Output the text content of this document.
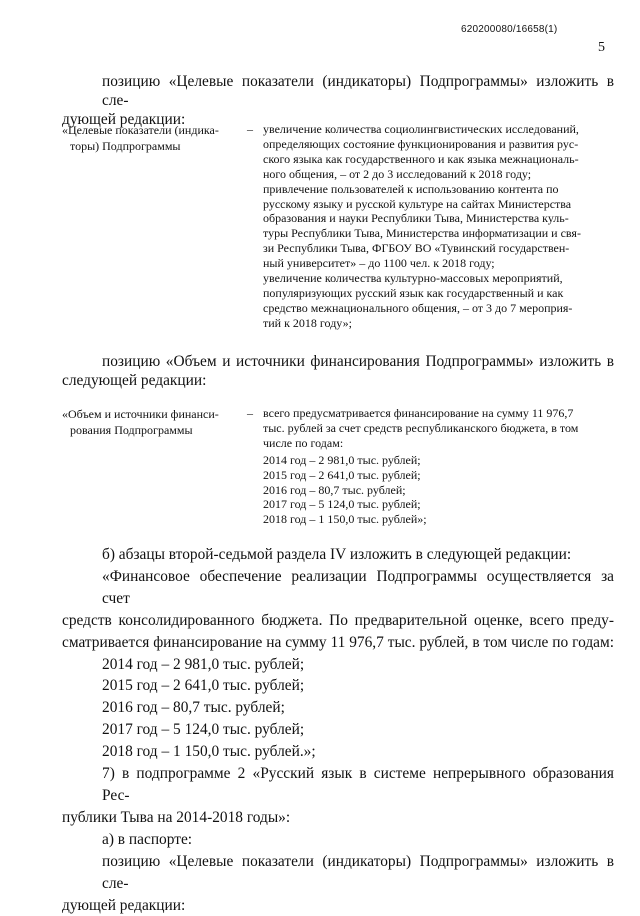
620200080/16658(1)
5
позицию «Целевые показатели (индикаторы) Подпрограммы» изложить в сле-
дующей редакции:
«Целевые показатели (индика-
торы) Подпрограммы
– увеличение количества социолингвистических исследований,
определяющих состояние функционирования и развития рус-
ского языка как государственного и как языка межнациональ-
ного общения, – от 2 до 3 исследований к 2018 году;
привлечение пользователей к использованию контента по
русскому языку и русской культуре на сайтах Министерства
образования и науки Республики Тыва, Министерства куль-
туры Республики Тыва, Министерства информатизации и свя-
зи Республики Тыва, ФГБОУ ВО «Тувинский государствен-
ный университет» – до 1100 чел. к 2018 году;
увеличение количества культурно-массовых мероприятий,
популяризующих русский язык как государственный и как
средство межнационального общения, – от 3 до 7 мероприя-
тий к 2018 году»;
позицию «Объем и источники финансирования Подпрограммы» изложить в
следующей редакции:
«Объем и источники финанси-
рования Подпрограммы
– всего предусматривается финансирование на сумму 11 976,7
тыс. рублей за счет средств республиканского бюджета, в том
числе по годам:
2014 год – 2 981,0 тыс. рублей;
2015 год – 2 641,0 тыс. рублей;
2016 год – 80,7 тыс. рублей;
2017 год – 5 124,0 тыс. рублей;
2018 год – 1 150,0 тыс. рублей»;
б) абзацы второй-седьмой раздела IV изложить в следующей редакции:
«Финансовое обеспечение реализации Подпрограммы осуществляется за счет
средств консолидированного бюджета. По предварительной оценке, всего преду-
сматривается финансирование на сумму 11 976,7 тыс. рублей, в том числе по годам:
2014 год – 2 981,0 тыс. рублей;
2015 год – 2 641,0 тыс. рублей;
2016 год – 80,7 тыс. рублей;
2017 год – 5 124,0 тыс. рублей;
2018 год – 1 150,0 тыс. рублей.»;
7) в подпрограмме 2 «Русский язык в системе непрерывного образования Рес-
публики Тыва на 2014-2018 годы»:
а) в паспорте:
позицию «Целевые показатели (индикаторы) Подпрограммы» изложить в сле-
дующей редакции:
